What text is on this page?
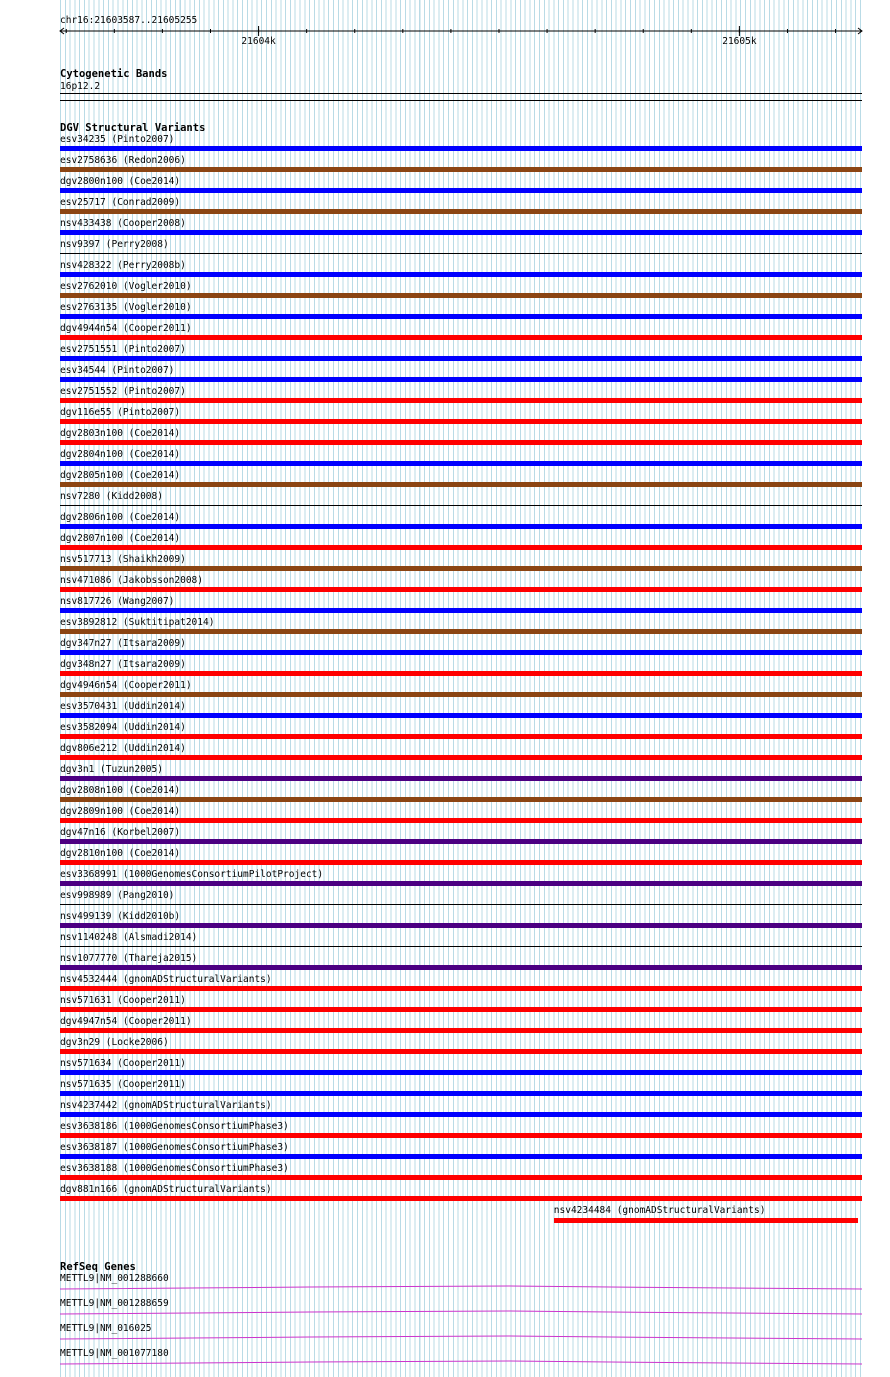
21604k	21605k
chr16:21603587..21605255
Cytogenetic Bands
16p12.2
DGV Structural Variants
esv34235 (Pinto2007)
esv2758636 (Redon2006)
dgv2800n100 (Coe2014)
esv25717 (Conrad2009)
nsv433438 (Cooper2008)
nsv9397 (Perry2008)
nsv428322 (Perry2008b)
esv2762010 (Vogler2010)
esv2763135 (Vogler2010)
dgv4944n54 (Cooper2011)
esv2751551 (Pinto2007)
esv34544 (Pinto2007)
esv2751552 (Pinto2007)
dgv116e55 (Pinto2007)
dgv2803n100 (Coe2014)
dgv2804n100 (Coe2014)
dgv2805n100 (Coe2014)
nsv7280 (Kidd2008)
dgv2806n100 (Coe2014)
dgv2807n100 (Coe2014)
nsv517713 (Shaikh2009)
nsv471086 (Jakobsson2008)
nsv817726 (Wang2007)
esv3892812 (Suktitipat2014)
dgv347n27 (Itsara2009)
dgv348n27 (Itsara2009)
dgv4946n54 (Cooper2011)
esv3570431 (Uddin2014)
esv3582094 (Uddin2014)
dgv806e212 (Uddin2014)
dgv3n1 (Tuzun2005)
dgv2808n100 (Coe2014)
dgv2809n100 (Coe2014)
dgv47n16 (Korbel2007)
dgv2810n100 (Coe2014)
esv3368991 (1000GenomesConsortiumPilotProject)
esv998989 (Pang2010)
nsv499139 (Kidd2010b)
nsv1140248 (Alsmadi2014)
nsv1077770 (Thareja2015)
nsv4532444 (gnomADStructuralVariants)
nsv571631 (Cooper2011)
dgv4947n54 (Cooper2011)
dgv3n29 (Locke2006)
nsv571634 (Cooper2011)
nsv571635 (Cooper2011)
nsv4237442 (gnomADStructuralVariants)
esv3638186 (1000GenomesConsortiumPhase3)
esv3638187 (1000GenomesConsortiumPhase3)
esv3638188 (1000GenomesConsortiumPhase3)
dgv881n166 (gnomADStructuralVariants)
nsv4234484 (gnomADStructuralVariants)
RefSeq Genes
METTL9|NM_001288660
METTL9|NM_001288659
METTL9|NM_016025
METTL9|NM_001077180
